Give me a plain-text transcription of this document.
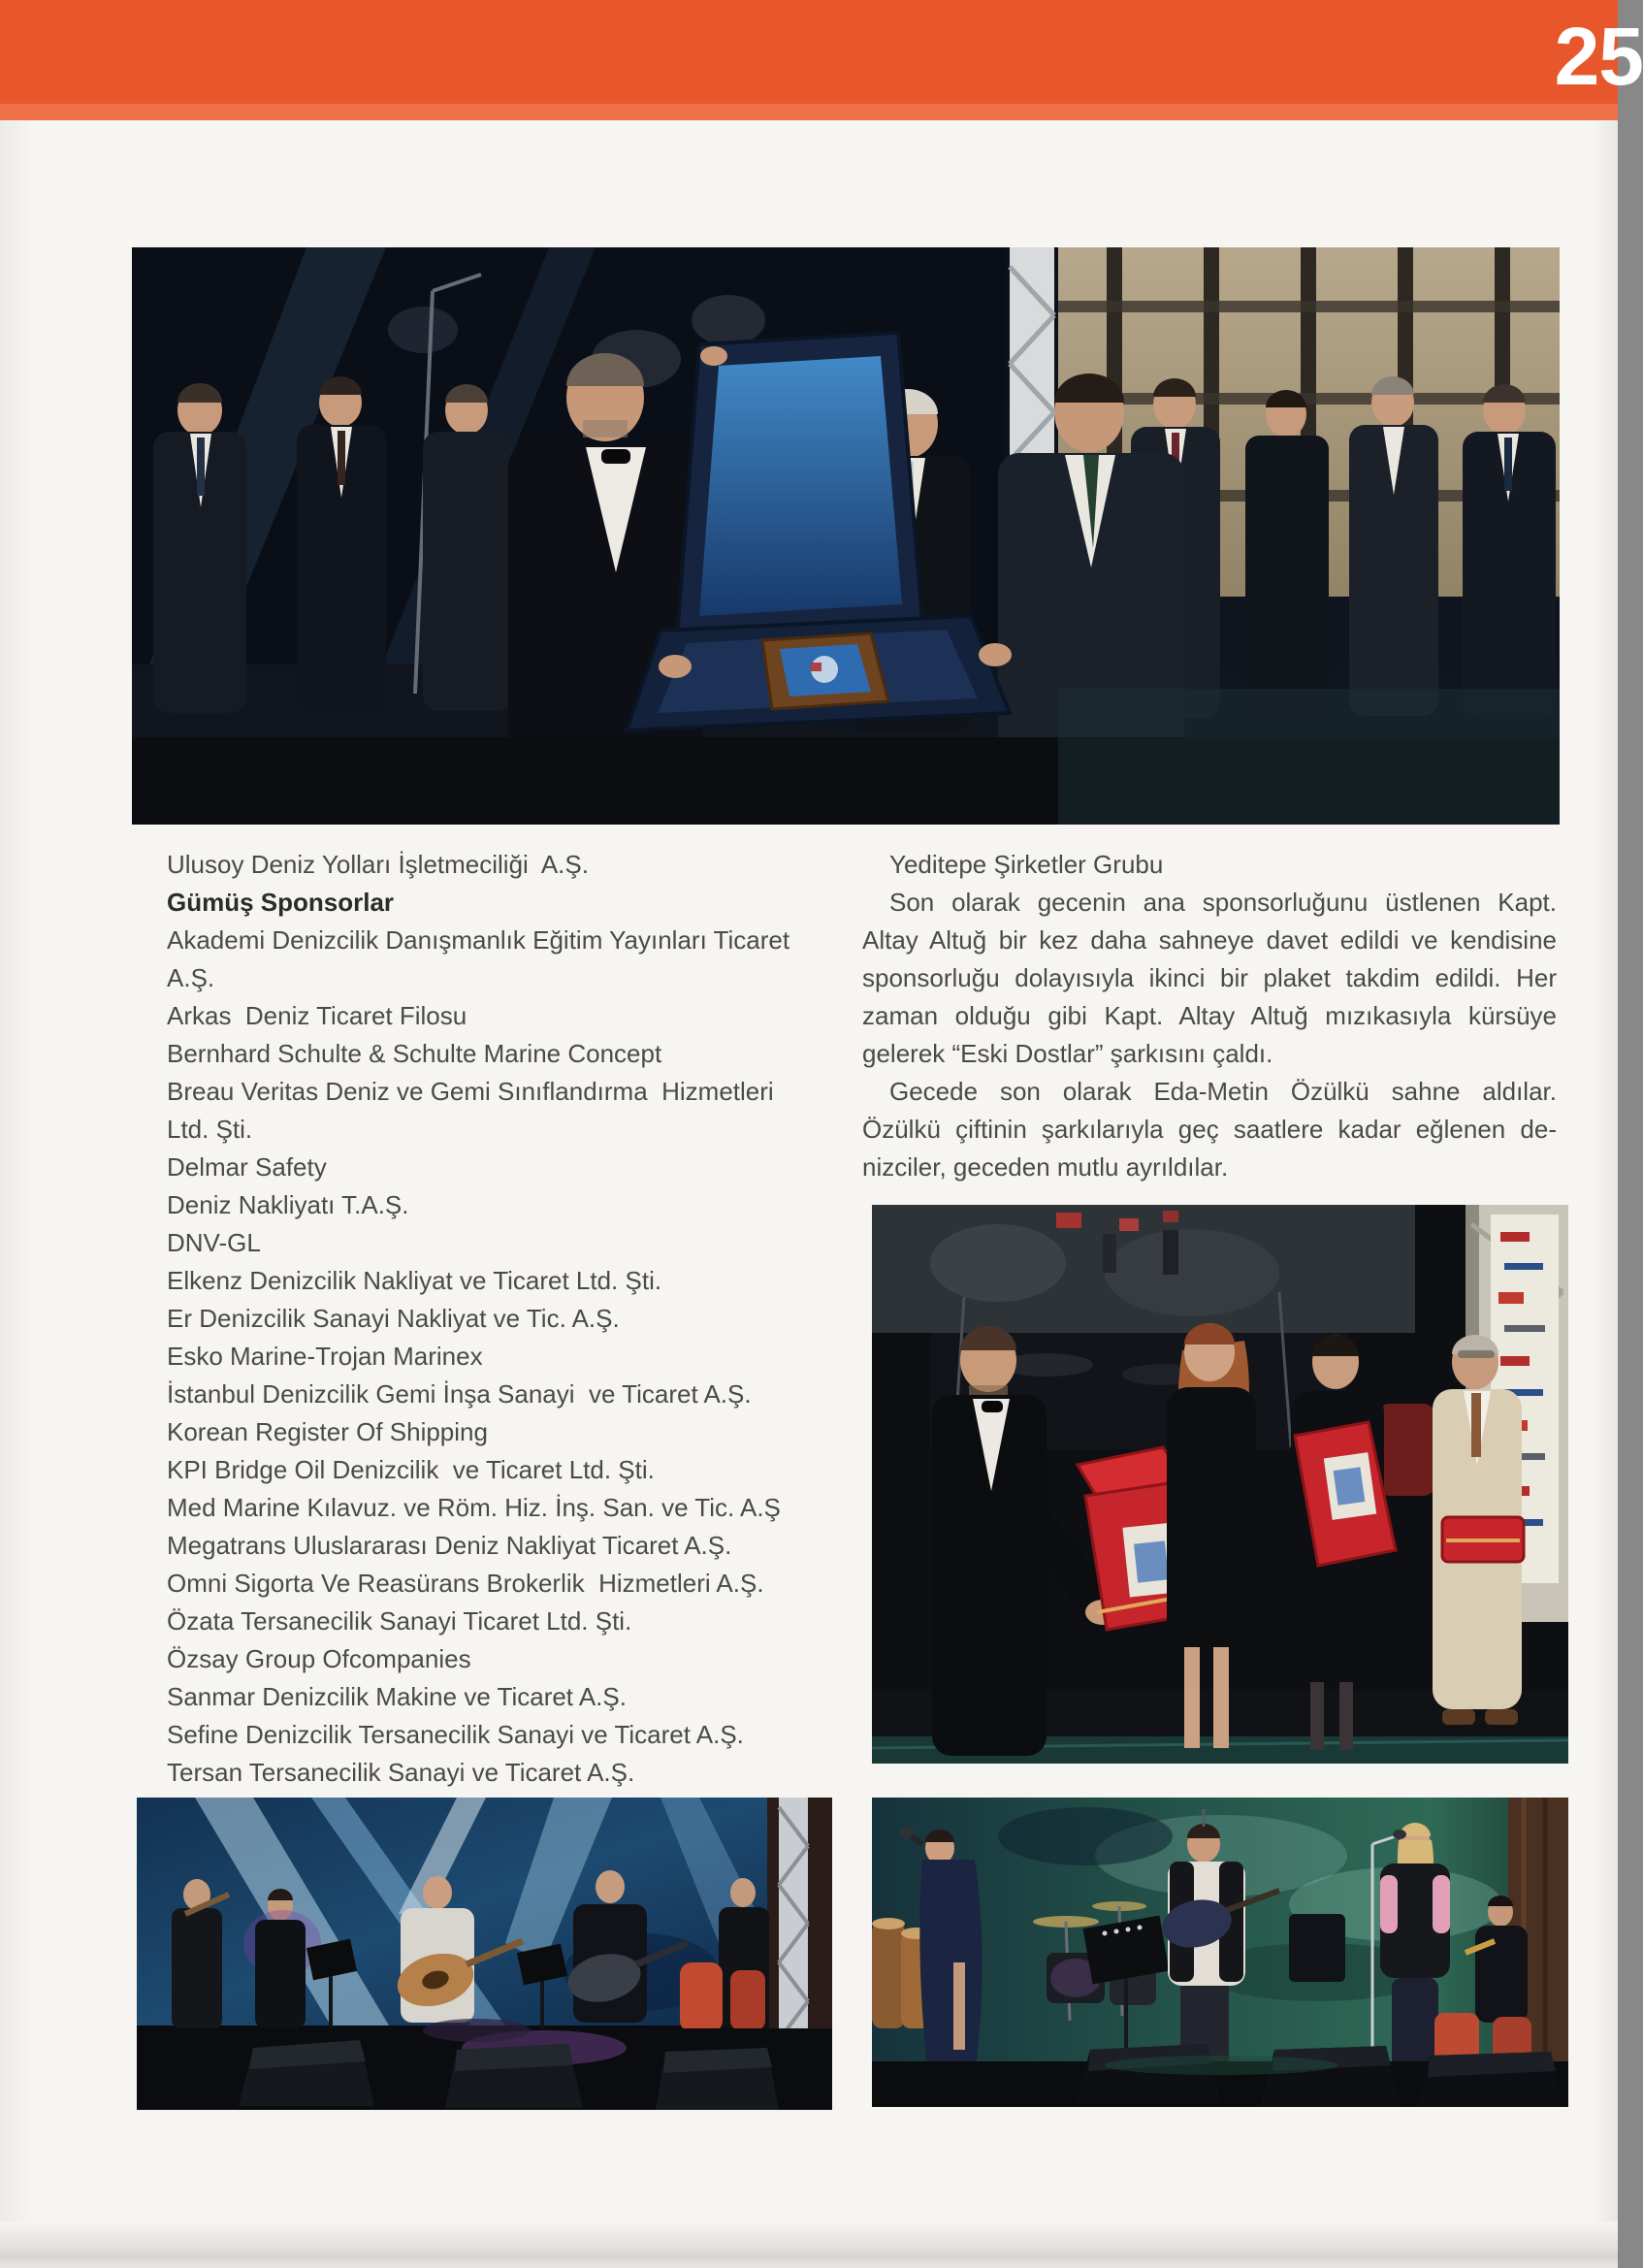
25
Ulusoy Deniz Yolları İşletmeciliği  A.Ş.
Gümüş Sponsorlar
Akademi Denizcilik Danışmanlık Eğitim Yayınları Ticaret
A.Ş.
Arkas  Deniz Ticaret Filosu
Bernhard Schulte & Schulte Marine Concept
Breau Veritas Deniz ve Gemi Sınıflandırma  Hizmetleri
Ltd. Şti.
Delmar Safety
Deniz Nakliyatı T.A.Ş.
DNV-GL
Elkenz Denizcilik Nakliyat ve Ticaret Ltd. Şti.
Er Denizcilik Sanayi Nakliyat ve Tic. A.Ş.
Esko Marine-Trojan Marinex
İstanbul Denizcilik Gemi İnşa Sanayi  ve Ticaret A.Ş.
Korean Register Of Shipping
KPI Bridge Oil Denizcilik  ve Ticaret Ltd. Şti.
Med Marine Kılavuz. ve Röm. Hiz. İnş. San. ve Tic. A.Ş
Megatrans Uluslararası Deniz Nakliyat Ticaret A.Ş.
Omni Sigorta Ve Reasürans Brokerlik  Hizmetleri A.Ş.
Özata Tersanecilik Sanayi Ticaret Ltd. Şti.
Özsay Group Ofcompanies
Sanmar Denizcilik Makine ve Ticaret A.Ş.
Sefine Denizcilik Tersanecilik Sanayi ve Ticaret A.Ş.
Tersan Tersanecilik Sanayi ve Ticaret A.Ş.
Yeditepe Şirketler Grubu
Son olarak gecenin ana sponsorluğunu üstlenen Kapt.
Altay Altuğ bir kez daha sahneye davet edildi ve kendisine
sponsorluğu dolayısıyla ikinci bir plaket takdim edildi. Her
zaman olduğu gibi Kapt. Altay Altuğ mızıkasıyla kürsüye
gelerek “Eski Dostlar” şarkısını çaldı.
Gecede son olarak Eda-Metin Özülkü sahne aldılar.
Özülkü çiftinin şarkılarıyla geç saatlere kadar eğlenen de-
nizciler, geceden mutlu ayrıldılar.
